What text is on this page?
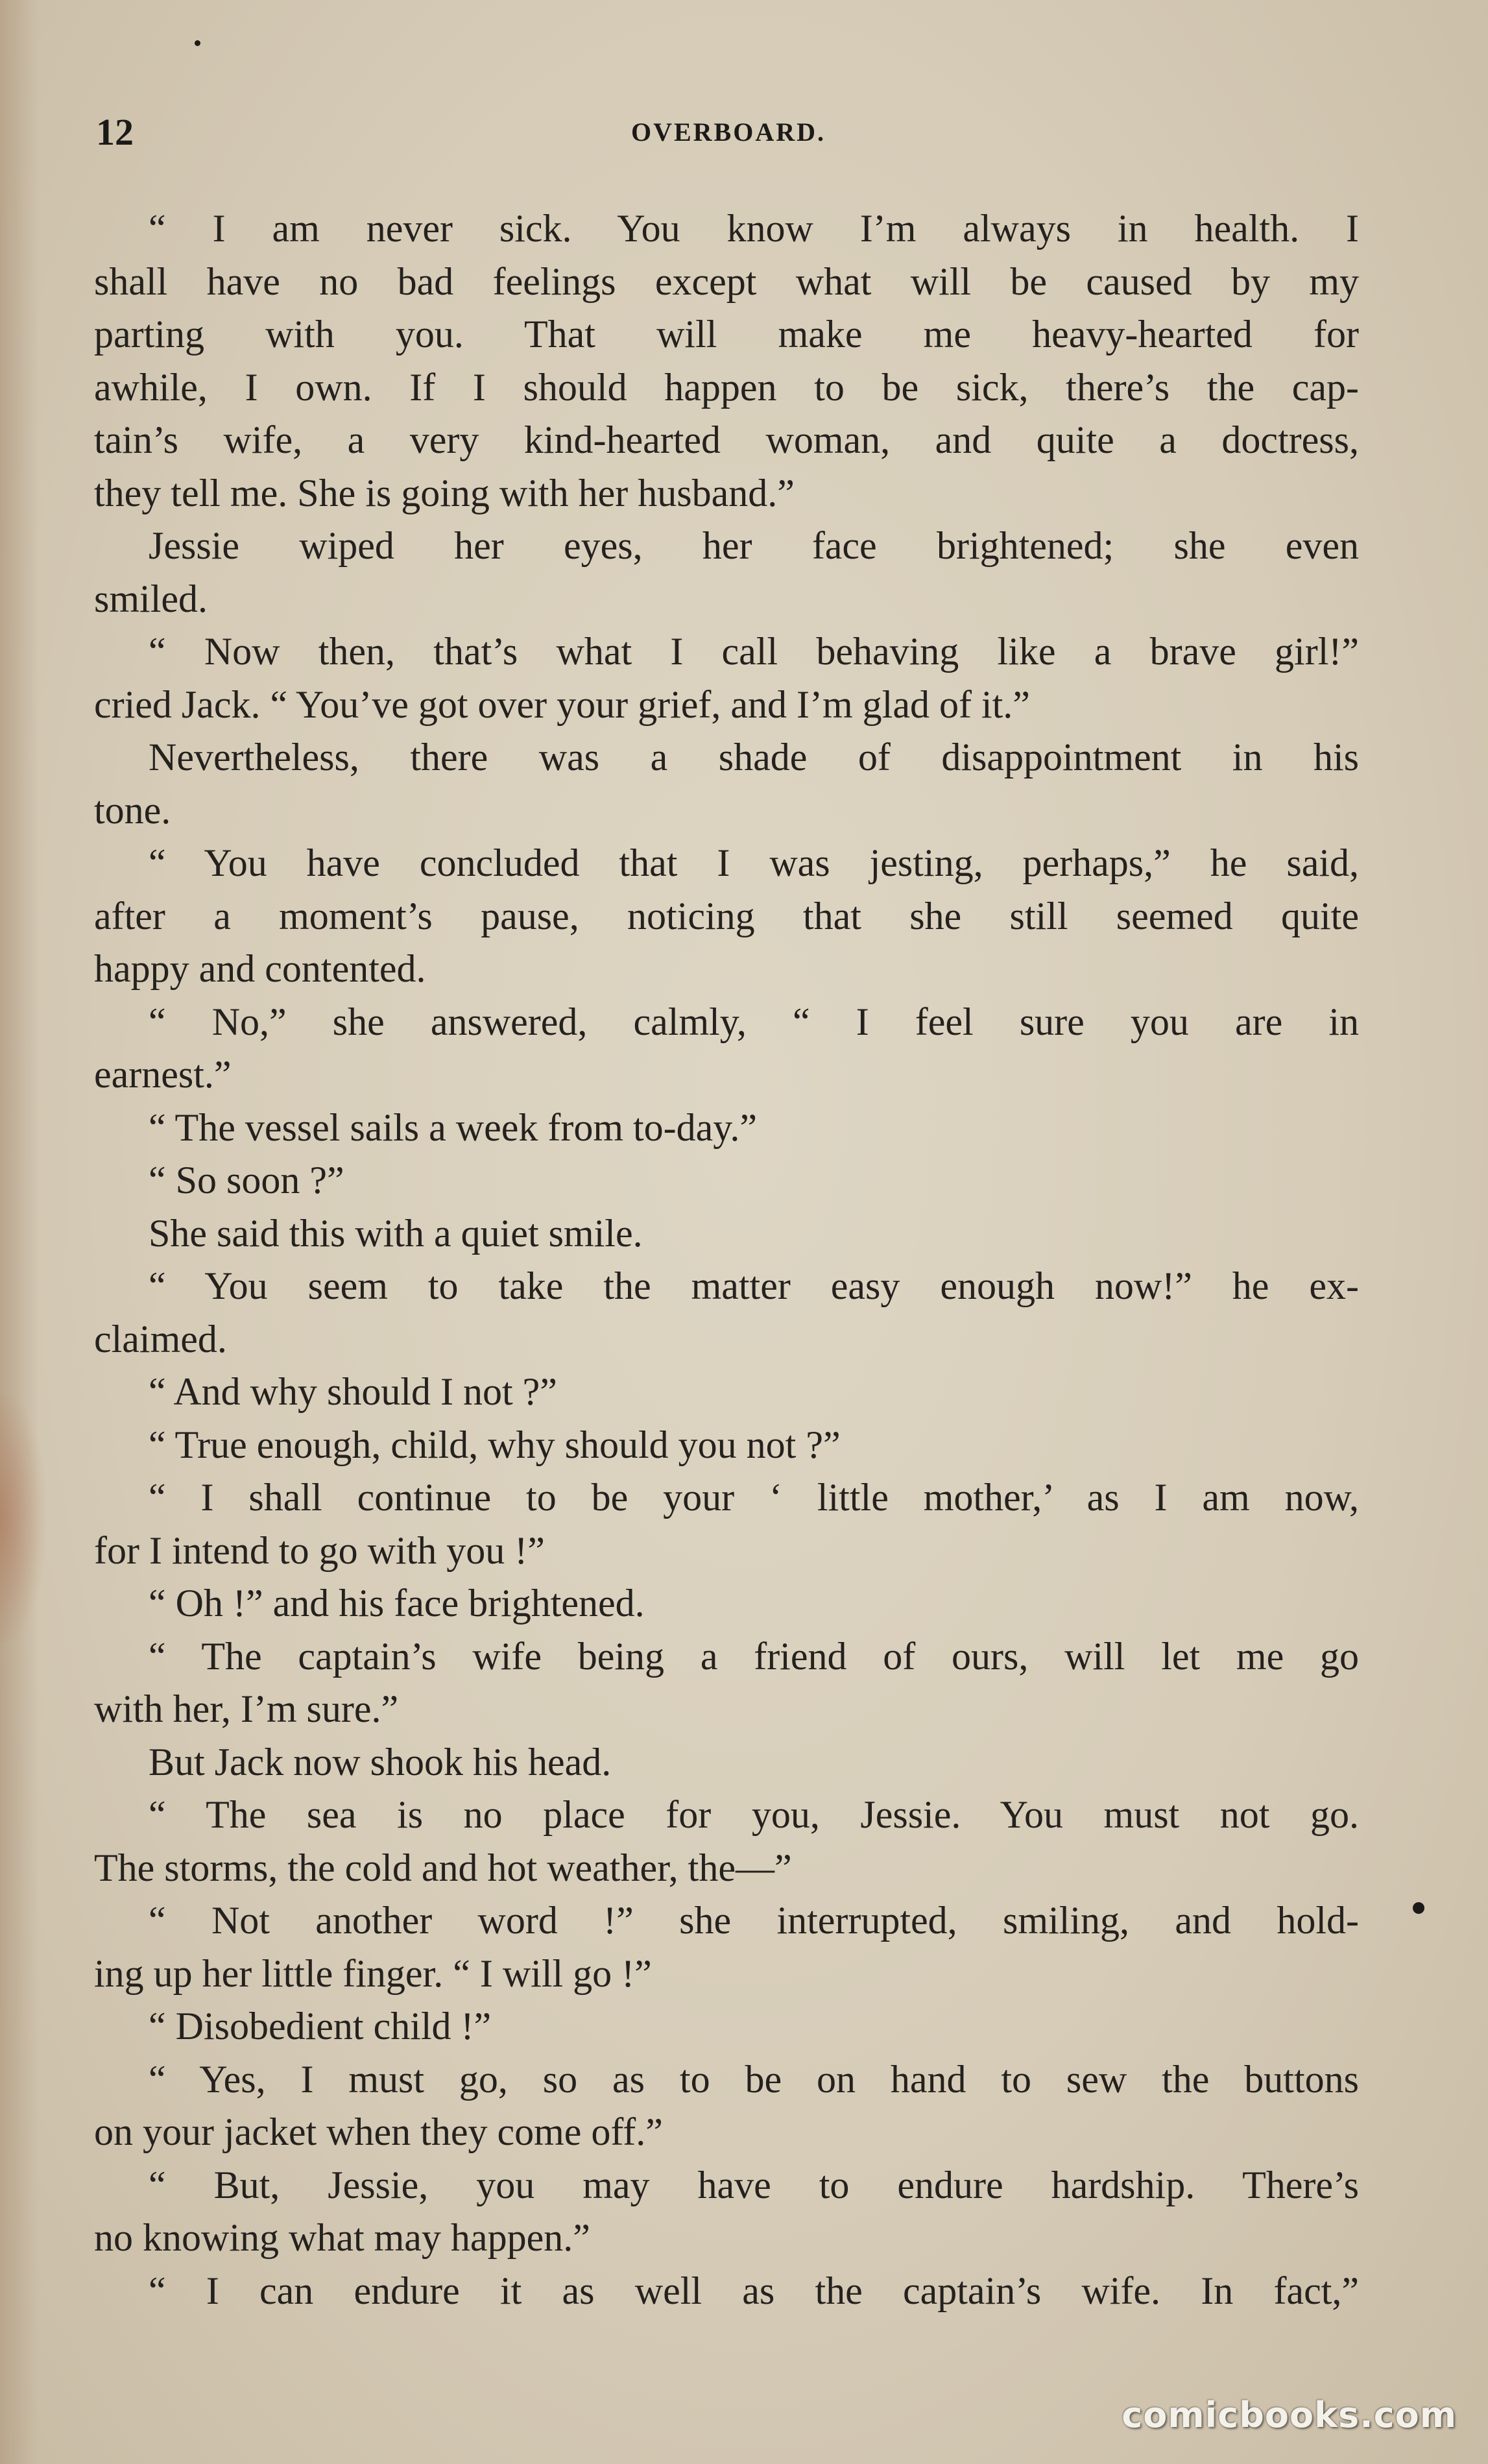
12	OVERBOARD.
“ I am never sick. You know I’m always in health. I
shall have no bad feelings except what will be caused by my
parting with you. That will make me heavy-hearted for
awhile, I own. If I should happen to be sick, there’s the cap-
tain’s wife, a very kind-hearted woman, and quite a doctress,
they tell me. She is going with her husband.”
Jessie wiped her eyes, her face brightened; she even
smiled.
“ Now then, that’s what I call behaving like a brave girl!”
cried Jack. “ You’ve got over your grief, and I’m glad of it.”
Nevertheless, there was a shade of disappointment in his
tone.
“ You have concluded that I was jesting, perhaps,” he said,
after a moment’s pause, noticing that she still seemed quite
happy and contented.
“ No,” she answered, calmly, “ I feel sure you are in
earnest.”
“ The vessel sails a week from to-day.”
“ So soon ?”
She said this with a quiet smile.
“ You seem to take the matter easy enough now!” he ex-
claimed.
“ And why should I not ?”
“ True enough, child, why should you not ?”
“ I shall continue to be your ‘ little mother,’ as I am now,
for I intend to go with you !”
“ Oh !” and his face brightened.
“ The captain’s wife being a friend of ours, will let me go
with her, I’m sure.”
But Jack now shook his head.
“ The sea is no place for you, Jessie. You must not go.
The storms, the cold and hot weather, the—”
“ Not another word !” she interrupted, smiling, and hold-
ing up her little finger. “ I will go !”
“ Disobedient child !”
“ Yes, I must go, so as to be on hand to sew the buttons
on your jacket when they come off.”
“ But, Jessie, you may have to endure hardship. There’s
no knowing what may happen.”
“ I can endure it as well as the captain’s wife. In fact,”
comicbooks.com
